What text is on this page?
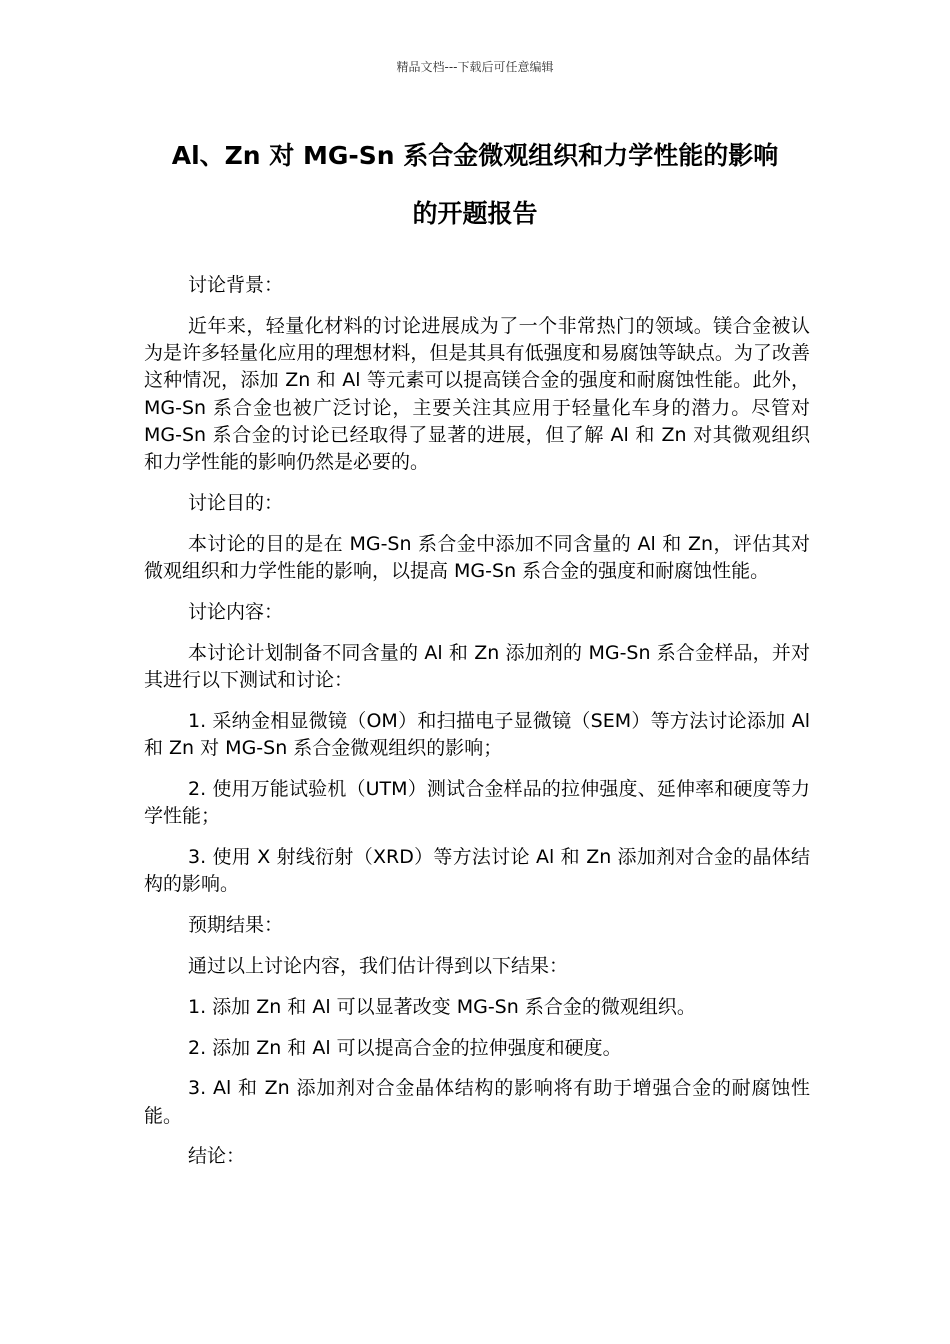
精品文档---下载后可任意编辑
Al、Zn 对 MG-Sn 系合金微观组织和力学性能的影响
的开题报告

讨论背景：

近年来，轻量化材料的讨论进展成为了一个非常热门的领域。镁合金被认为是许多轻量化应用的理想材料，但是其具有低强度和易腐蚀等缺点。为了改善这种情况，添加 Zn 和 Al 等元素可以提高镁合金的强度和耐腐蚀性能。此外，MG-Sn 系合金也被广泛讨论，主要关注其应用于轻量化车身的潜力。尽管对 MG-Sn 系合金的讨论已经取得了显著的进展，但了解 Al 和 Zn 对其微观组织和力学性能的影响仍然是必要的。

讨论目的：

本讨论的目的是在 MG-Sn 系合金中添加不同含量的 Al 和 Zn，评估其对微观组织和力学性能的影响，以提高 MG-Sn 系合金的强度和耐腐蚀性能。

讨论内容：

本讨论计划制备不同含量的 Al 和 Zn 添加剂的 MG-Sn 系合金样品，并对其进行以下测试和讨论：

1. 采纳金相显微镜（OM）和扫描电子显微镜（SEM）等方法讨论添加 Al 和 Zn 对 MG-Sn 系合金微观组织的影响；

2. 使用万能试验机（UTM）测试合金样品的拉伸强度、延伸率和硬度等力学性能；

3. 使用 X 射线衍射（XRD）等方法讨论 Al 和 Zn 添加剂对合金的晶体结构的影响。

预期结果：

通过以上讨论内容，我们估计得到以下结果：

1. 添加 Zn 和 Al 可以显著改变 MG-Sn 系合金的微观组织。

2. 添加 Zn 和 Al 可以提高合金的拉伸强度和硬度。

3. Al 和 Zn 添加剂对合金晶体结构的影响将有助于增强合金的耐腐蚀性能。

结论：
